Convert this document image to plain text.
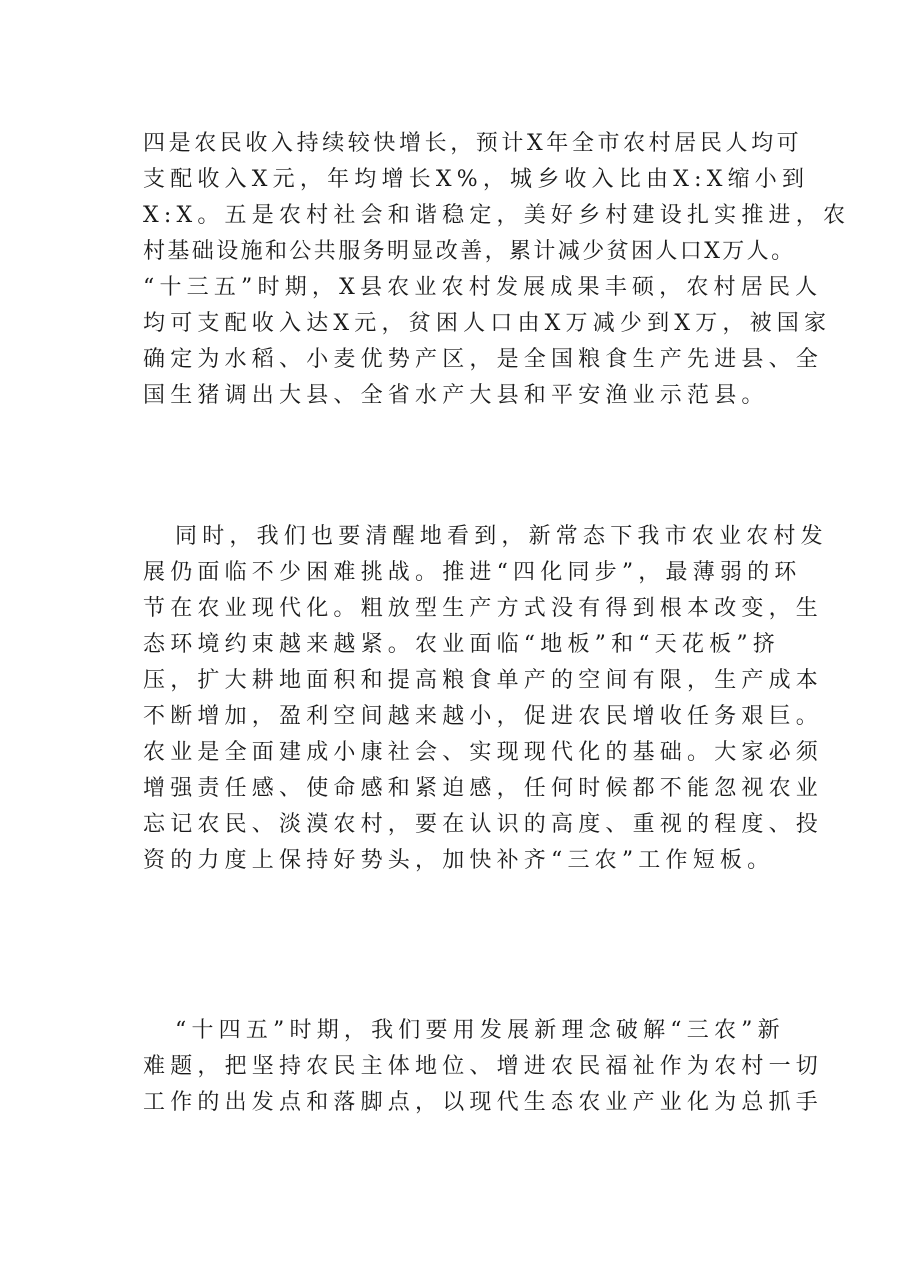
四是农民收入持续较快增长，预计X年全市农村居民人均可
支配收入X元，年均增长X%，城乡收入比由X:X缩小到
X:X。五是农村社会和谐稳定，美好乡村建设扎实推进，农
村基础设施和公共服务明显改善，累计减少贫困人口X万人。
“十三五”时期，X县农业农村发展成果丰硕，农村居民人
均可支配收入达X元，贫困人口由X万减少到X万，被国家
确定为水稻、小麦优势产区，是全国粮食生产先进县、全
国生猪调出大县、全省水产大县和平安渔业示范县。
同时，我们也要清醒地看到，新常态下我市农业农村发
展仍面临不少困难挑战。推进“四化同步”，最薄弱的环
节在农业现代化。粗放型生产方式没有得到根本改变，生
态环境约束越来越紧。农业面临“地板”和“天花板”挤
压，扩大耕地面积和提高粮食单产的空间有限，生产成本
不断增加，盈利空间越来越小，促进农民增收任务艰巨。
农业是全面建成小康社会、实现现代化的基础。大家必须
增强责任感、使命感和紧迫感，任何时候都不能忽视农业
忘记农民、淡漠农村，要在认识的高度、重视的程度、投
资的力度上保持好势头，加快补齐“三农”工作短板。
“十四五”时期，我们要用发展新理念破解“三农”新
难题，把坚持农民主体地位、增进农民福祉作为农村一切
工作的出发点和落脚点，以现代生态农业产业化为总抓手
